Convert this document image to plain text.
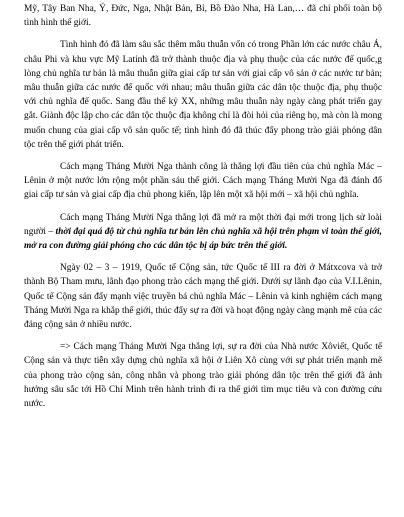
Mỹ, Tây Ban Nha, Ý, Đức, Nga, Nhật Bản, Bỉ, Bồ Đào Nha, Hà Lan,… đã chi phối toàn bộ tình hình thế giới.

Tình hình đó đã làm sâu sắc thêm mâu thuẫn vốn có trong Phần lớn các nước châu Á, châu Phi và khu vực Mỹ Latinh đã trở thành thuộc địa và phụ thuộc của các nước đế quốc,g lòng chủ nghĩa tư bản là mâu thuẫn giữa giai cấp tư sản với giai cấp vô sản ở các nước tư bản; mâu thuẫn giữa các nước đế quốc với nhau; mâu thuẫn giữa các dân tộc thuộc địa, phụ thuộc với chủ nghĩa đế quốc. Sang đầu thế kỷ XX, những mâu thuẫn này ngày càng phát triển gay gắt. Giành độc lập cho các dân tộc thuộc địa không chỉ là đòi hỏi của riêng họ, mà còn là mong muốn chung của giai cấp vô sản quốc tế; tình hình đó đã thúc đẩy phong trào giải phóng dân tộc trên thế giới phát triển.

Cách mạng Tháng Mười Nga thành công là thắng lợi đầu tiên của chủ nghĩa Mác – Lênin ở một nước lớn rộng một phần sáu thế giới. Cách mạng Tháng Mười Nga đã đánh đổ giai cấp tư sản và giai cấp địa chủ phong kiến, lập lên một xã hội mới – xã hội chủ nghĩa.

Cách mạng Tháng Mười Nga thắng lợi đã mở ra một thời đại mới trong lịch sử loài người – thời đại quá độ từ chủ nghĩa tư bản lên chủ nghĩa xã hội trên phạm vi toàn thế giới, mở ra con đường giải phóng cho các dân tộc bị áp bức trên thế giới.

Ngày 02 – 3 – 1919, Quốc tế Cộng sản, tức Quốc tế III ra đời ở Mátxcova và trở thành Bộ Tham mưu, lãnh đạo phong trào cách mạng thế giới. Dưới sự lãnh đạo của V.I.Lênin, Quốc tế Cộng sản đẩy mạnh việc truyền bá chủ nghĩa Mác – Lênin và kinh nghiệm cách mạng Tháng Mười Nga ra khắp thế giới, thúc đẩy sự ra đời và hoạt động ngày càng mạnh mẽ của các đảng cộng sản ở nhiều nước.

=> Cách mạng Tháng Mười Nga thắng lợi, sự ra đời của Nhà nước Xôviết, Quốc tế Cộng sản và thực tiễn xây dựng chủ nghĩa xã hội ở Liên Xô cùng với sự phát triển mạnh mẽ của phong trào cộng sản, công nhân và phong trào giải phóng dân tộc trên thế giới đã ảnh hưởng sâu sắc tới Hồ Chí Minh trên hành trình đi ra thế giới tìm mục tiêu và con đường cứu nước.
